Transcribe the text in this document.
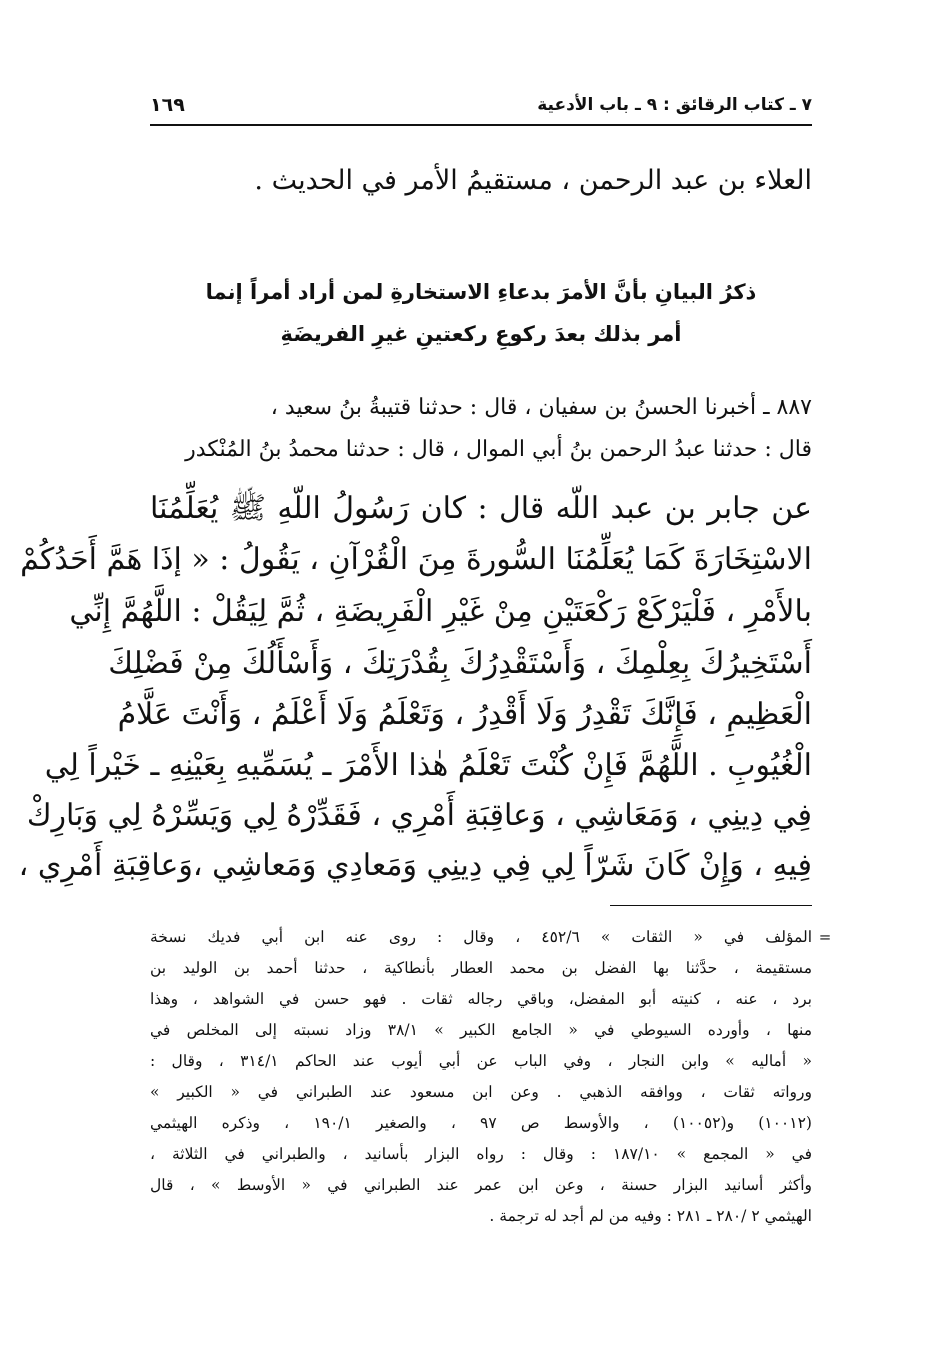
٧ ـ كتاب الرقائق : ٩ ـ باب الأدعية
١٦٩
العلاء بن عبد الرحمن ، مستقيمُ الأمر في الحديث .
ذكرُ البيانِ بأنَّ الأمرَ بدعاءِ الاستخارةِ لمن أراد أمراً إنما
أمر بذلك بعدَ ركوعِ ركعتينِ غيرِ الفريضَةِ
٨٨٧ ـ أخبرنا الحسنُ بن سفيان ، قال : حدثنا قتيبةُ بنُ سعيد ،
قال : حدثنا عبدُ الرحمن بنُ أبي الموال ، قال : حدثنا محمدُ بنُ المُنْكدر
عن جابر بن عبد اللّه قال : كان رَسُولُ اللّهِ ﷺ يُعَلِّمُنَا
الاسْتِخَارَةَ كَمَا يُعَلِّمُنَا السُّورةَ مِنَ الْقُرْآنِ ، يَقُولُ : « إذَا هَمَّ أَحَدُكُمْ
بالأَمْرِ ، فَلْيَرْكَعْ رَكْعَتَيْنِ مِنْ غَيْرِ الْفَرِيضَةِ ، ثُمَّ لِيَقُلْ : اللَّهُمَّ إِنِّي
أَسْتَخِيرُكَ بِعِلْمِكَ ، وَأَسْتَقْدِرُكَ بِقُدْرَتِكَ ، وَأَسْأَلُكَ مِنْ فَضْلِكَ
الْعَظِيمِ ، فَإِنَّكَ تَقْدِرُ وَلَا أَقْدِرُ ، وَتَعْلَمُ وَلَا أَعْلَمُ ، وَأَنْتَ عَلَّامُ
الْغُيُوبِ . اللَّهُمَّ فَإِنْ كُنْتَ تَعْلَمُ هٰذا الأَمْرَ ـ يُسَمِّيهِ بِعَيْنِهِ ـ خَيْراً لِي
فِي دِينِي ، وَمَعَاشِي ، وَعاقِبَةِ أَمْرِي ، فَقَدِّرْهُ لِي وَيَسِّرْهُ لِي وَبَارِكْ
فِيهِ ، وَإِنْ كَانَ شَرّاً لِي فِي دِينِي وَمَعادِي وَمَعاشِي ،وَعاقِبَةِ أَمْرِي ،
=
المؤلف في « الثقات » ٤٥٢/٦ ، وقال : روى عنه ابن أبي فديك نسخة
مستقيمة ، حدَّثنا بها الفضل بن محمد العطار بأنطاكية ، حدثنا أحمد بن الوليد بن
برد ، عنه ، كنيته أبو المفضل، وباقي رجاله ثقات . فهو حسن في الشواهد ، وهذا
منها ، وأورده السيوطي في « الجامع الكبير » ٣٨/١ وزاد نسبته إلى المخلص في
« أماليه » وابن النجار ، وفي الباب عن أبي أيوب عند الحاكم ٣١٤/١ ، وقال :
ورواته ثقات ، ووافقه الذهبي . وعن ابن مسعود عند الطبراني في « الكبير »
(١٠٠١٢) و(١٠٠٥٢) ، والأوسط ص ٩٧ ، والصغير ١٩٠/١ ، وذكره الهيثمي
في « المجمع » ١٨٧/١٠ : وقال : رواه البزار بأسانيد ، والطبراني في الثلاثة ،
وأكثر أسانيد البزار حسنة ، وعن ابن عمر عند الطبراني في « الأوسط » ، قال
الهيثمي ٢ /٢٨٠ ـ ٢٨١ : وفيه من لم أجد له ترجمة .
